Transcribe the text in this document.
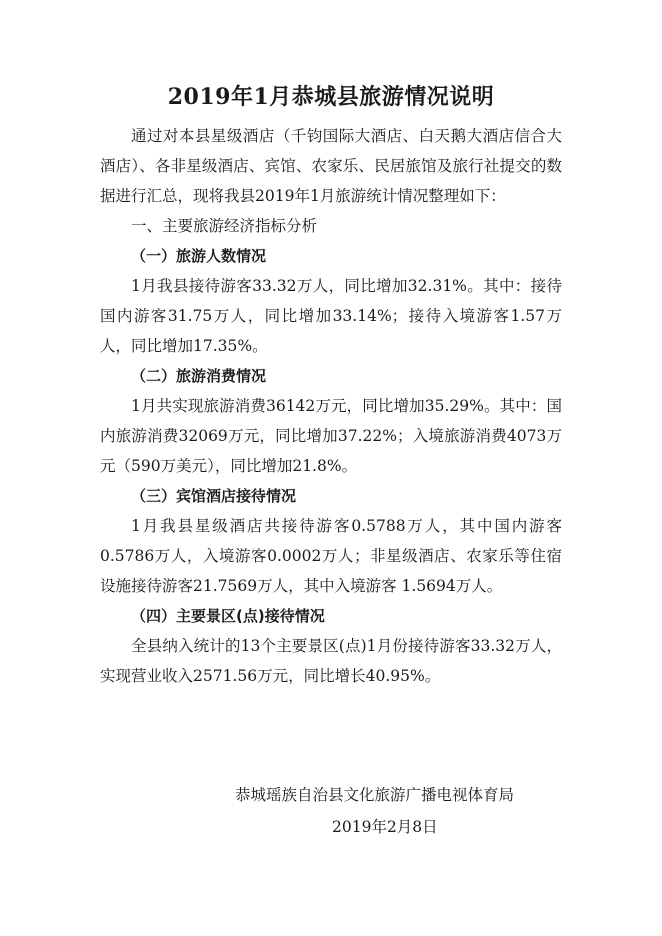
2019年1月恭城县旅游情况说明

通过对本县星级酒店（千钧国际大酒店、白天鹅大酒店信合大酒店）、各非星级酒店、宾馆、农家乐、民居旅馆及旅行社提交的数据进行汇总，现将我县2019年1月旅游统计情况整理如下：

一、主要旅游经济指标分析

（一）旅游人数情况

1月我县接待游客33.32万人，同比增加32.31%。其中：接待国内游客31.75万人，同比增加33.14%；接待入境游客1.57万人，同比增加17.35%。

（二）旅游消费情况

1月共实现旅游消费36142万元，同比增加35.29%。其中：国内旅游消费32069万元，同比增加37.22%；入境旅游消费4073万元（590万美元），同比增加21.8%。

（三）宾馆酒店接待情况

1月我县星级酒店共接待游客0.5788万人，其中国内游客0.5786万人，入境游客0.0002万人；非星级酒店、农家乐等住宿设施接待游客21.7569万人，其中入境游客 1.5694万人。

（四）主要景区(点)接待情况

全县纳入统计的13个主要景区(点)1月份接待游客33.32万人，实现营业收入2571.56万元，同比增长40.95%。

恭城瑶族自治县文化旅游广播电视体育局
2019年2月8日
